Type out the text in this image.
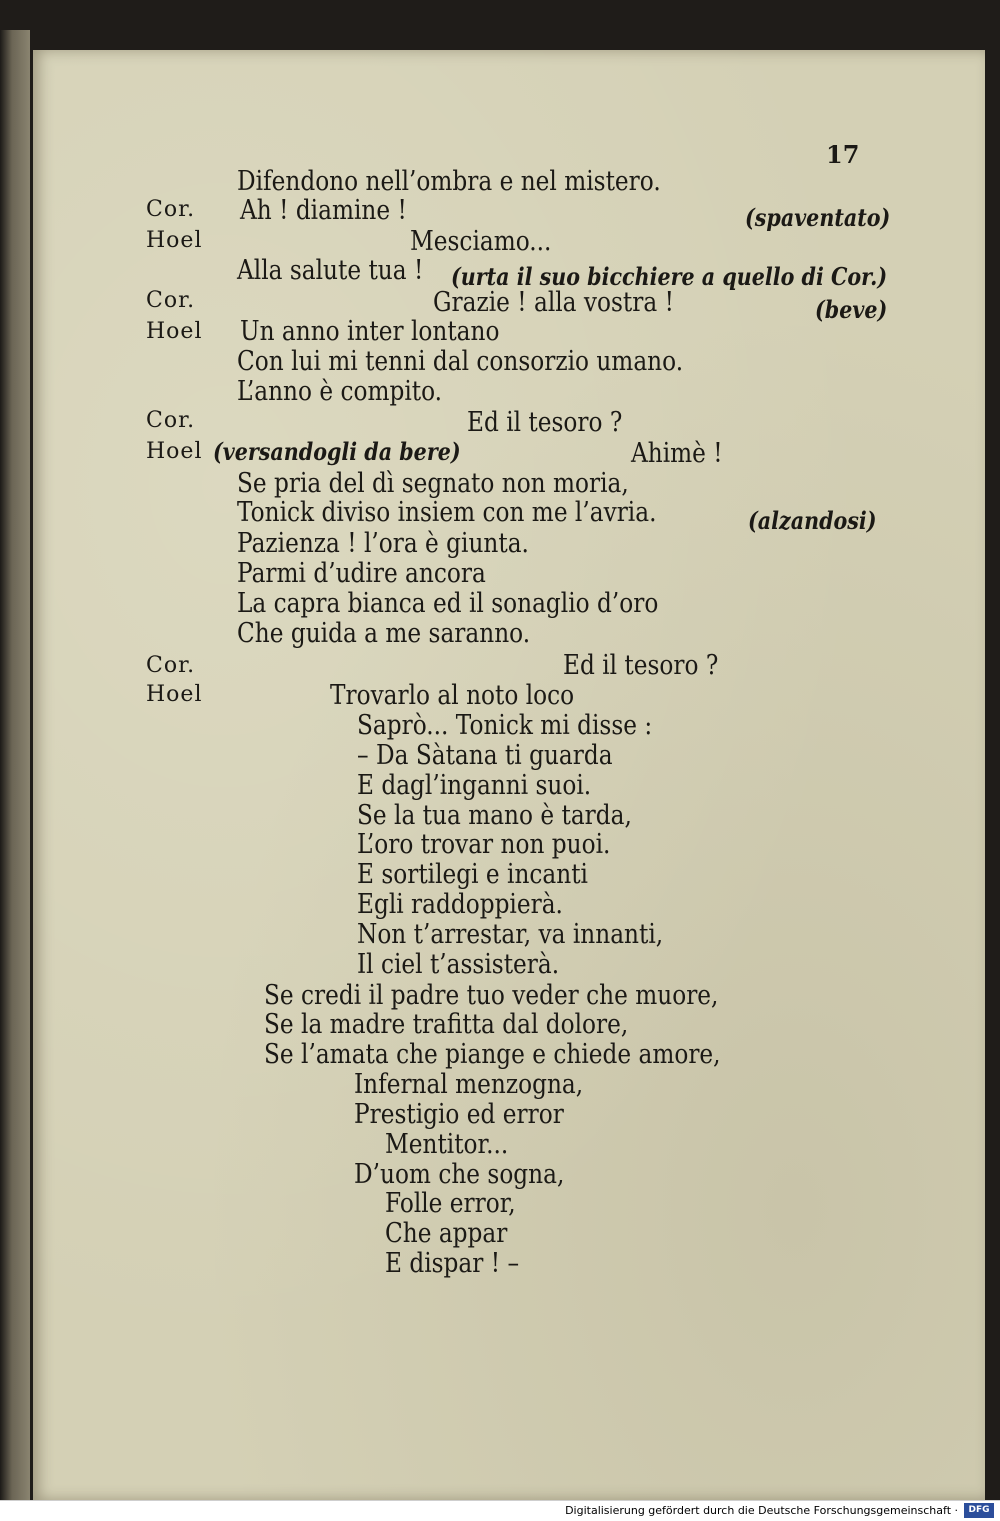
17
Cor.
Hoel
Cor.
Hoel
Cor.
Hoel
Cor.
Hoel
Difendono nell’ombra e nel mistero.
Ah ! diamine !	(spaventato)
Mesciamo...
Alla salute tua ! (urta il suo bicchiere a quello di Cor.)
Grazie ! alla vostra !	(beve)
Un anno inter lontano
Con lui mi tenni dal consorzio umano.
L’anno è compito.
Ed il tesoro ?
(versandogli da bere)	Ahimè !
Se pria del dì segnato non moria,
Tonick diviso insiem con me l’avria.	(alzandosi)
Pazienza ! l’ora è giunta.
Parmi d’udire ancora
La capra bianca ed il sonaglio d’oro
Che guida a me saranno.
Ed il tesoro ?
Trovarlo al noto loco
Saprò... Tonick mi disse :
– Da Sàtana ti guarda
E dagl’inganni suoi.
Se la tua mano è tarda,
L’oro trovar non puoi.
E sortilegi e incanti
Egli raddoppierà.
Non t’arrestar, va innanti,
Il ciel t’assisterà.
Se credi il padre tuo veder che muore,
Se la madre trafitta dal dolore,
Se l’amata che piange e chiede amore,
Infernal menzogna,
Prestigio ed error
Mentitor...
D’uom che sogna,
Folle error,
Che appar
E dispar ! –
Digitalisierung gefördert durch die Deutsche Forschungsgemeinschaft ·	DFG
